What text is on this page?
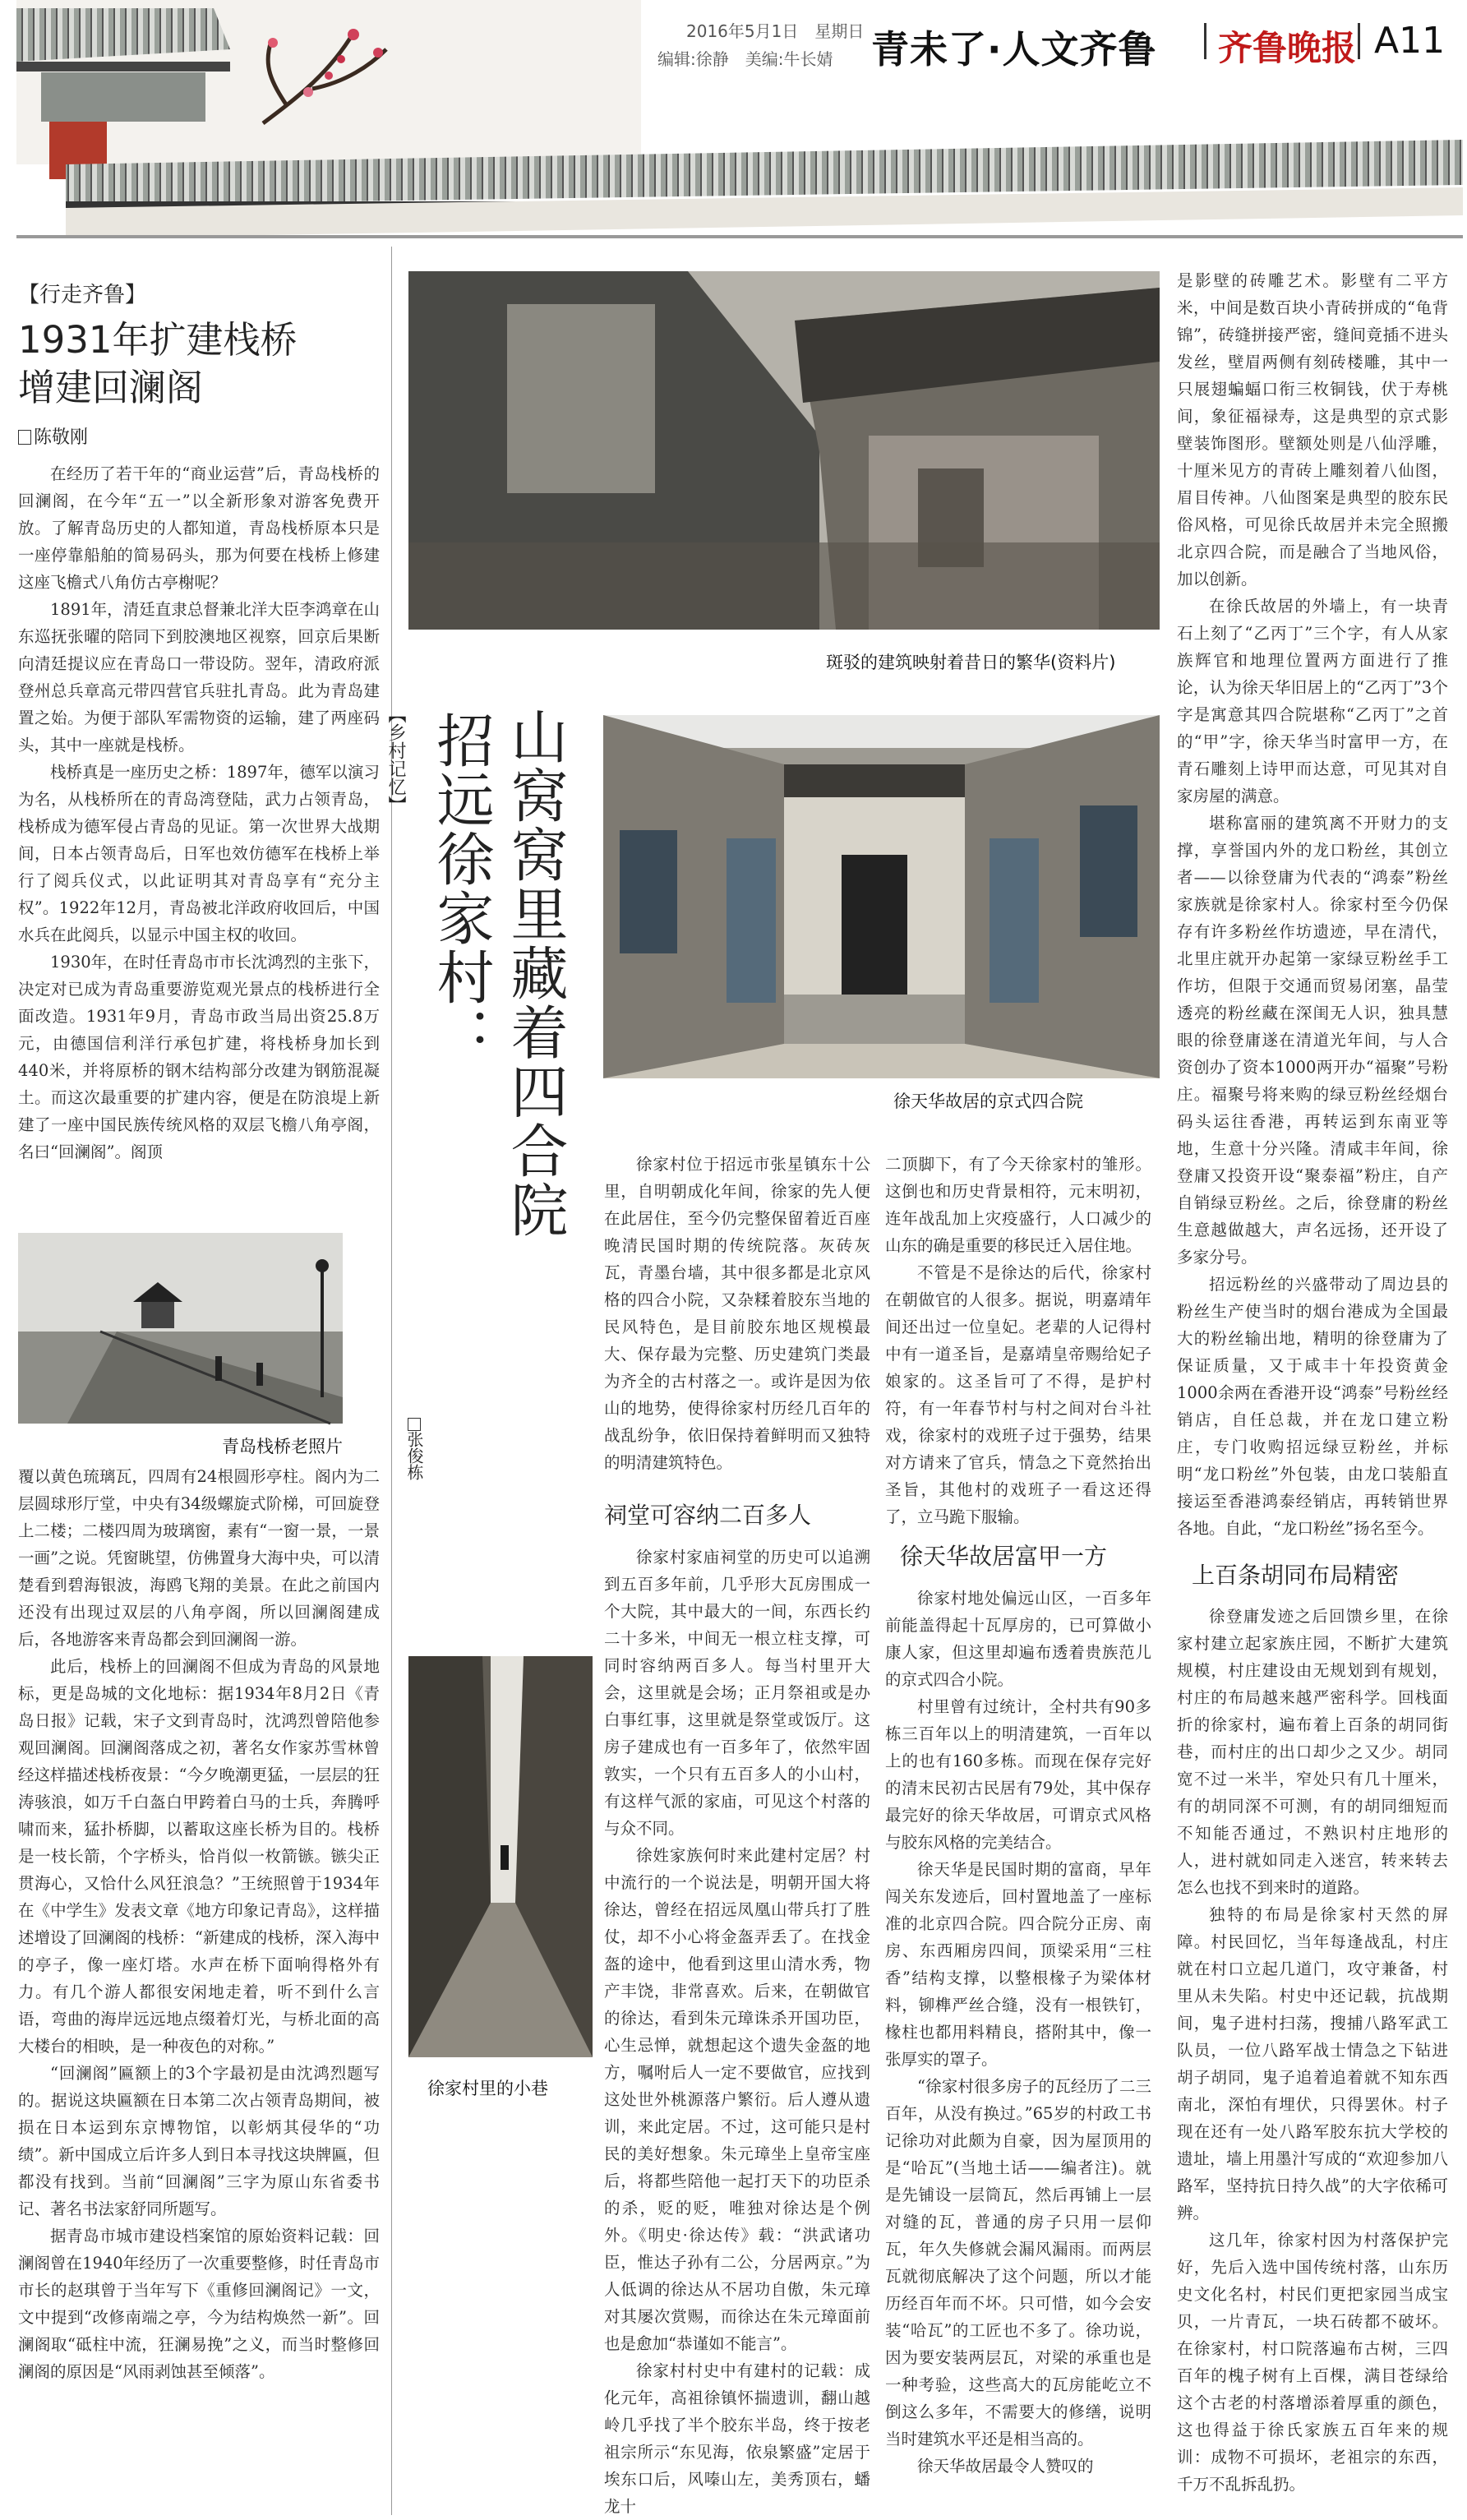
2016年5月1日　星期日
编辑:徐静　美编:牛长婧 青未了·人文齐鲁 齐鲁晚报 A11
【行走齐鲁】
1931年扩建栈桥
增建回澜阁
陈敬刚

在经历了若干年的“商业运营”后，青岛栈桥的回澜阁，在今年“五一”以全新形象对游客免费开放。了解青岛历史的人都知道，青岛栈桥原本只是一座停靠船舶的简易码头，那为何要在栈桥上修建这座飞檐式八角仿古亭榭呢？

1891年，清廷直隶总督兼北洋大臣李鸿章在山东巡抚张曜的陪同下到胶澳地区视察，回京后果断向清廷提议应在青岛口一带设防。翌年，清政府派登州总兵章高元带四营官兵驻扎青岛。此为青岛建置之始。为便于部队军需物资的运输，建了两座码头，其中一座就是栈桥。

栈桥真是一座历史之桥：1897年，德军以演习为名，从栈桥所在的青岛湾登陆，武力占领青岛，栈桥成为德军侵占青岛的见证。第一次世界大战期间，日本占领青岛后，日军也效仿德军在栈桥上举行了阅兵仪式，以此证明其对青岛享有“充分主权”。1922年12月，青岛被北洋政府收回后，中国水兵在此阅兵，以显示中国主权的收回。

1930年，在时任青岛市市长沈鸿烈的主张下，决定对已成为青岛重要游览观光景点的栈桥进行全面改造。1931年9月，青岛市政当局出资25.8万元，由德国信利洋行承包扩建，将栈桥身加长到440米，并将原桥的钢木结构部分改建为钢筋混凝土。而这次最重要的扩建内容，便是在防浪堤上新建了一座中国民族传统风格的双层飞檐八角亭阁，名曰“回澜阁”。阁顶

青岛栈桥老照片

覆以黄色琉璃瓦，四周有24根圆形亭柱。阁内为二层圆球形厅堂，中央有34级螺旋式阶梯，可回旋登上二楼；二楼四周为玻璃窗，素有“一窗一景，一景一画”之说。凭窗眺望，仿佛置身大海中央，可以清楚看到碧海银波，海鸥飞翔的美景。在此之前国内还没有出现过双层的八角亭阁，所以回澜阁建成后，各地游客来青岛都会到回澜阁一游。

此后，栈桥上的回澜阁不但成为青岛的风景地标，更是岛城的文化地标：据1934年8月2日《青岛日报》记载，宋子文到青岛时，沈鸿烈曾陪他参观回澜阁。回澜阁落成之初，著名女作家苏雪林曾经这样描述栈桥夜景：“今夕晚潮更猛，一层层的狂涛骇浪，如万千白盔白甲跨着白马的士兵，奔腾呼啸而来，猛扑桥脚，以蓄取这座长桥为目的。栈桥是一枝长箭，个字桥头，恰肖似一枚箭镞。镞尖正贯海心，又恰什么风狂浪急？”王统照曾于1934年在《中学生》发表文章《地方印象记青岛》，这样描述增设了回澜阁的栈桥：“新建成的栈桥，深入海中的亭子，像一座灯塔。水声在桥下面响得格外有力。有几个游人都很安闲地走着，听不到什么言语，弯曲的海岸远远地点缀着灯光，与桥北面的高大楼台的相映，是一种夜色的对称。”

“回澜阁”匾额上的3个字最初是由沈鸿烈题写的。据说这块匾额在日本第二次占领青岛期间，被损在日本运到东京博物馆，以彰炳其侵华的“功绩”。新中国成立后许多人到日本寻找这块牌匾，但都没有找到。当前“回澜阁”三字为原山东省委书记、著名书法家舒同所题写。

据青岛市城市建设档案馆的原始资料记载：回澜阁曾在1940年经历了一次重要整修，时任青岛市市长的赵琪曾于当年写下《重修回澜阁记》一文，文中提到“改修南端之亭，今为结构焕然一新”。回澜阁取“砥柱中流，狂澜易挽”之义，而当时整修回澜阁的原因是“风雨剥蚀甚至倾落”。

斑驳的建筑映射着昔日的繁华(资料片)
【乡村记忆】 山窝窝里藏着四合院
招远徐家村：
徐天华故居的京式四合院

徐家村位于招远市张星镇东十公里，自明朝成化年间，徐家的先人便在此居住，至今仍完整保留着近百座晚清民国时期的传统院落。灰砖灰瓦，青墨台墙，其中很多都是北京风格的四合小院，又杂糅着胶东当地的民风特色，是目前胶东地区规模最大、保存最为完整、历史建筑门类最为齐全的古村落之一。或许是因为依山的地势，使得徐家村历经几百年的战乱纷争，依旧保持着鲜明而又独特的明清建筑特色。

张俊栋
祠堂可容纳二百多人

徐家村家庙祠堂的历史可以追溯到五百多年前，几乎形大瓦房围成一个大院，其中最大的一间，东西长约二十多米，中间无一根立柱支撑，可同时容纳两百多人。每当村里开大会，这里就是会场；正月祭祖或是办白事红事，这里就是祭堂或饭厅。这房子建成也有一百多年了，依然牢固敦实，一个只有五百多人的小山村，有这样气派的家庙，可见这个村落的与众不同。

徐姓家族何时来此建村定居？村中流行的一个说法是，明朝开国大将徐达，曾经在招远凤凰山带兵打了胜仗，却不小心将金盔弄丢了。在找金盔的途中，他看到这里山清水秀，物产丰饶，非常喜欢。后来，在朝做官的徐达，看到朱元璋诛杀开国功臣，心生忌惮，就想起这个遗失金盔的地方，嘱咐后人一定不要做官，应找到这处世外桃源落户繁衍。后人遵从遗训，来此定居。不过，这可能只是村民的美好想象。朱元璋坐上皇帝宝座后，将都些陪他一起打天下的功臣杀的杀，贬的贬，唯独对徐达是个例外。《明史·徐达传》载：“洪武诸功臣，惟达子孙有二公，分居两京。”为人低调的徐达从不居功自傲，朱元璋对其屡次赏赐，而徐达在朱元璋面前也是愈加“恭谨如不能言”。

徐家村村史中有建村的记载：成化元年，高祖徐镇怀揣遗训，翻山越岭几乎找了半个胶东半岛，终于按老祖宗所示“东见海，依泉繁盛”定居于埃东口后，风嗪山左，美秀顶右，蟠龙十

徐家村里的小巷

二顶脚下，有了今天徐家村的雏形。这倒也和历史背景相符，元末明初，连年战乱加上灾疫盛行，人口减少的山东的确是重要的移民迁入居住地。

不管是不是徐达的后代，徐家村在朝做官的人很多。据说，明嘉靖年间还出过一位皇妃。老辈的人记得村中有一道圣旨，是嘉靖皇帝赐给妃子娘家的。这圣旨可了不得，是护村符，有一年春节村与村之间对台斗社戏，徐家村的戏班子过于强势，结果对方请来了官兵，情急之下竟然抬出圣旨，其他村的戏班子一看这还得了，立马跪下服输。

徐天华故居富甲一方

徐家村地处偏远山区，一百多年前能盖得起十瓦厚房的，已可算做小康人家，但这里却遍布透着贵族范儿的京式四合小院。

村里曾有过统计，全村共有90多栋三百年以上的明清建筑，一百年以上的也有160多栋。而现在保存完好的清末民初古民居有79处，其中保存最完好的徐天华故居，可谓京式风格与胶东风格的完美结合。

徐天华是民国时期的富商，早年闯关东发迹后，回村置地盖了一座标准的北京四合院。四合院分正房、南房、东西厢房四间，顶梁采用“三柱香”结构支撑，以整根椽子为梁体材料，铆榫严丝合缝，没有一根铁钉，椽柱也都用料精良，搭附其中，像一张厚实的罩子。

“徐家村很多房子的瓦经历了二三百年，从没有换过。”65岁的村政工书记徐功对此颇为自豪，因为屋顶用的是“哈瓦”(当地土话——编者注)。就是先铺设一层筒瓦，然后再铺上一层对缝的瓦，普通的房子只用一层仰瓦，年久失修就会漏风漏雨。而两层瓦就彻底解决了这个问题，所以才能历经百年而不坏。只可惜，如今会安装“哈瓦”的工匠也不多了。徐功说，因为要安装两层瓦，对梁的承重也是一种考验，这些高大的瓦房能屹立不倒这么多年，不需要大的修缮，说明当时建筑水平还是相当高的。

徐天华故居最令人赞叹的

是影壁的砖雕艺术。影壁有二平方米，中间是数百块小青砖拼成的“龟背锦”，砖缝拼接严密，缝间竟插不进头发丝，壁眉两侧有刻砖楼雕，其中一只展翅蝙蝠口衔三枚铜钱，伏于寿桃间，象征福禄寿，这是典型的京式影壁装饰图形。壁额处则是八仙浮雕，十厘米见方的青砖上雕刻着八仙图，眉目传神。八仙图案是典型的胶东民俗风格，可见徐氏故居并未完全照搬北京四合院，而是融合了当地风俗，加以创新。

在徐氏故居的外墙上，有一块青石上刻了“乙丙丁”三个字，有人从家族辉官和地理位置两方面进行了推论，认为徐天华旧居上的“乙丙丁”3个字是寓意其四合院堪称“乙丙丁”之首的“甲”字，徐天华当时富甲一方，在青石雕刻上诗甲而达意，可见其对自家房屋的满意。

堪称富丽的建筑离不开财力的支撑，享誉国内外的龙口粉丝，其创立者——以徐登庸为代表的“鸿泰”粉丝家族就是徐家村人。徐家村至今仍保存有许多粉丝作坊遗迹，早在清代，北里庄就开办起第一家绿豆粉丝手工作坊，但限于交通而贸易闭塞，晶莹透亮的粉丝藏在深闺无人识，独具慧眼的徐登庸遂在清道光年间，与人合资创办了资本1000两开办“福聚”号粉庄。福聚号将来购的绿豆粉丝经烟台码头运往香港，再转运到东南亚等地，生意十分兴隆。清咸丰年间，徐登庸又投资开设“聚泰福”粉庄，自产自销绿豆粉丝。之后，徐登庸的粉丝生意越做越大，声名远扬，还开设了多家分号。

招远粉丝的兴盛带动了周边县的粉丝生产使当时的烟台港成为全国最大的粉丝输出地，精明的徐登庸为了保证质量，又于咸丰十年投资黄金1000余两在香港开设“鸿泰”号粉丝经销店，自任总裁，并在龙口建立粉庄，专门收购招远绿豆粉丝，并标明“龙口粉丝”外包装，由龙口装船直接运至香港鸿泰经销店，再转销世界各地。自此，“龙口粉丝”扬名至今。

上百条胡同布局精密

徐登庸发迹之后回馈乡里，在徐家村建立起家族庄园，不断扩大建筑规模，村庄建设由无规划到有规划，村庄的布局越来越严密科学。回栈面折的徐家村，遍布着上百条的胡同街巷，而村庄的出口却少之又少。胡同宽不过一米半，窄处只有几十厘米，有的胡同深不可测，有的胡同细短而不知能否通过，不熟识村庄地形的人，进村就如同走入迷宫，转来转去怎么也找不到来时的道路。

独特的布局是徐家村天然的屏障。村民回忆，当年每逢战乱，村庄就在村口立起几道门，攻守兼备，村里从未失陷。村史中还记载，抗战期间，鬼子进村扫荡，搜捕八路军武工队员，一位八路军战士情急之下钻进胡子胡同，鬼子追着追着就不知东西南北，深怕有埋伏，只得罢休。村子现在还有一处八路军胶东抗大学校的遗址，墙上用墨汁写成的“欢迎参加八路军，坚持抗日持久战”的大字依稀可辨。

这几年，徐家村因为村落保护完好，先后入选中国传统村落，山东历史文化名村，村民们更把家园当成宝贝，一片青瓦，一块石砖都不破坏。在徐家村，村口院落遍布古树，三四百年的槐子树有上百棵，满目苍绿给这个古老的村落增添着厚重的颜色，这也得益于徐氏家族五百年来的规训：成物不可损坏，老祖宗的东西，千万不乱拆乱扔。
